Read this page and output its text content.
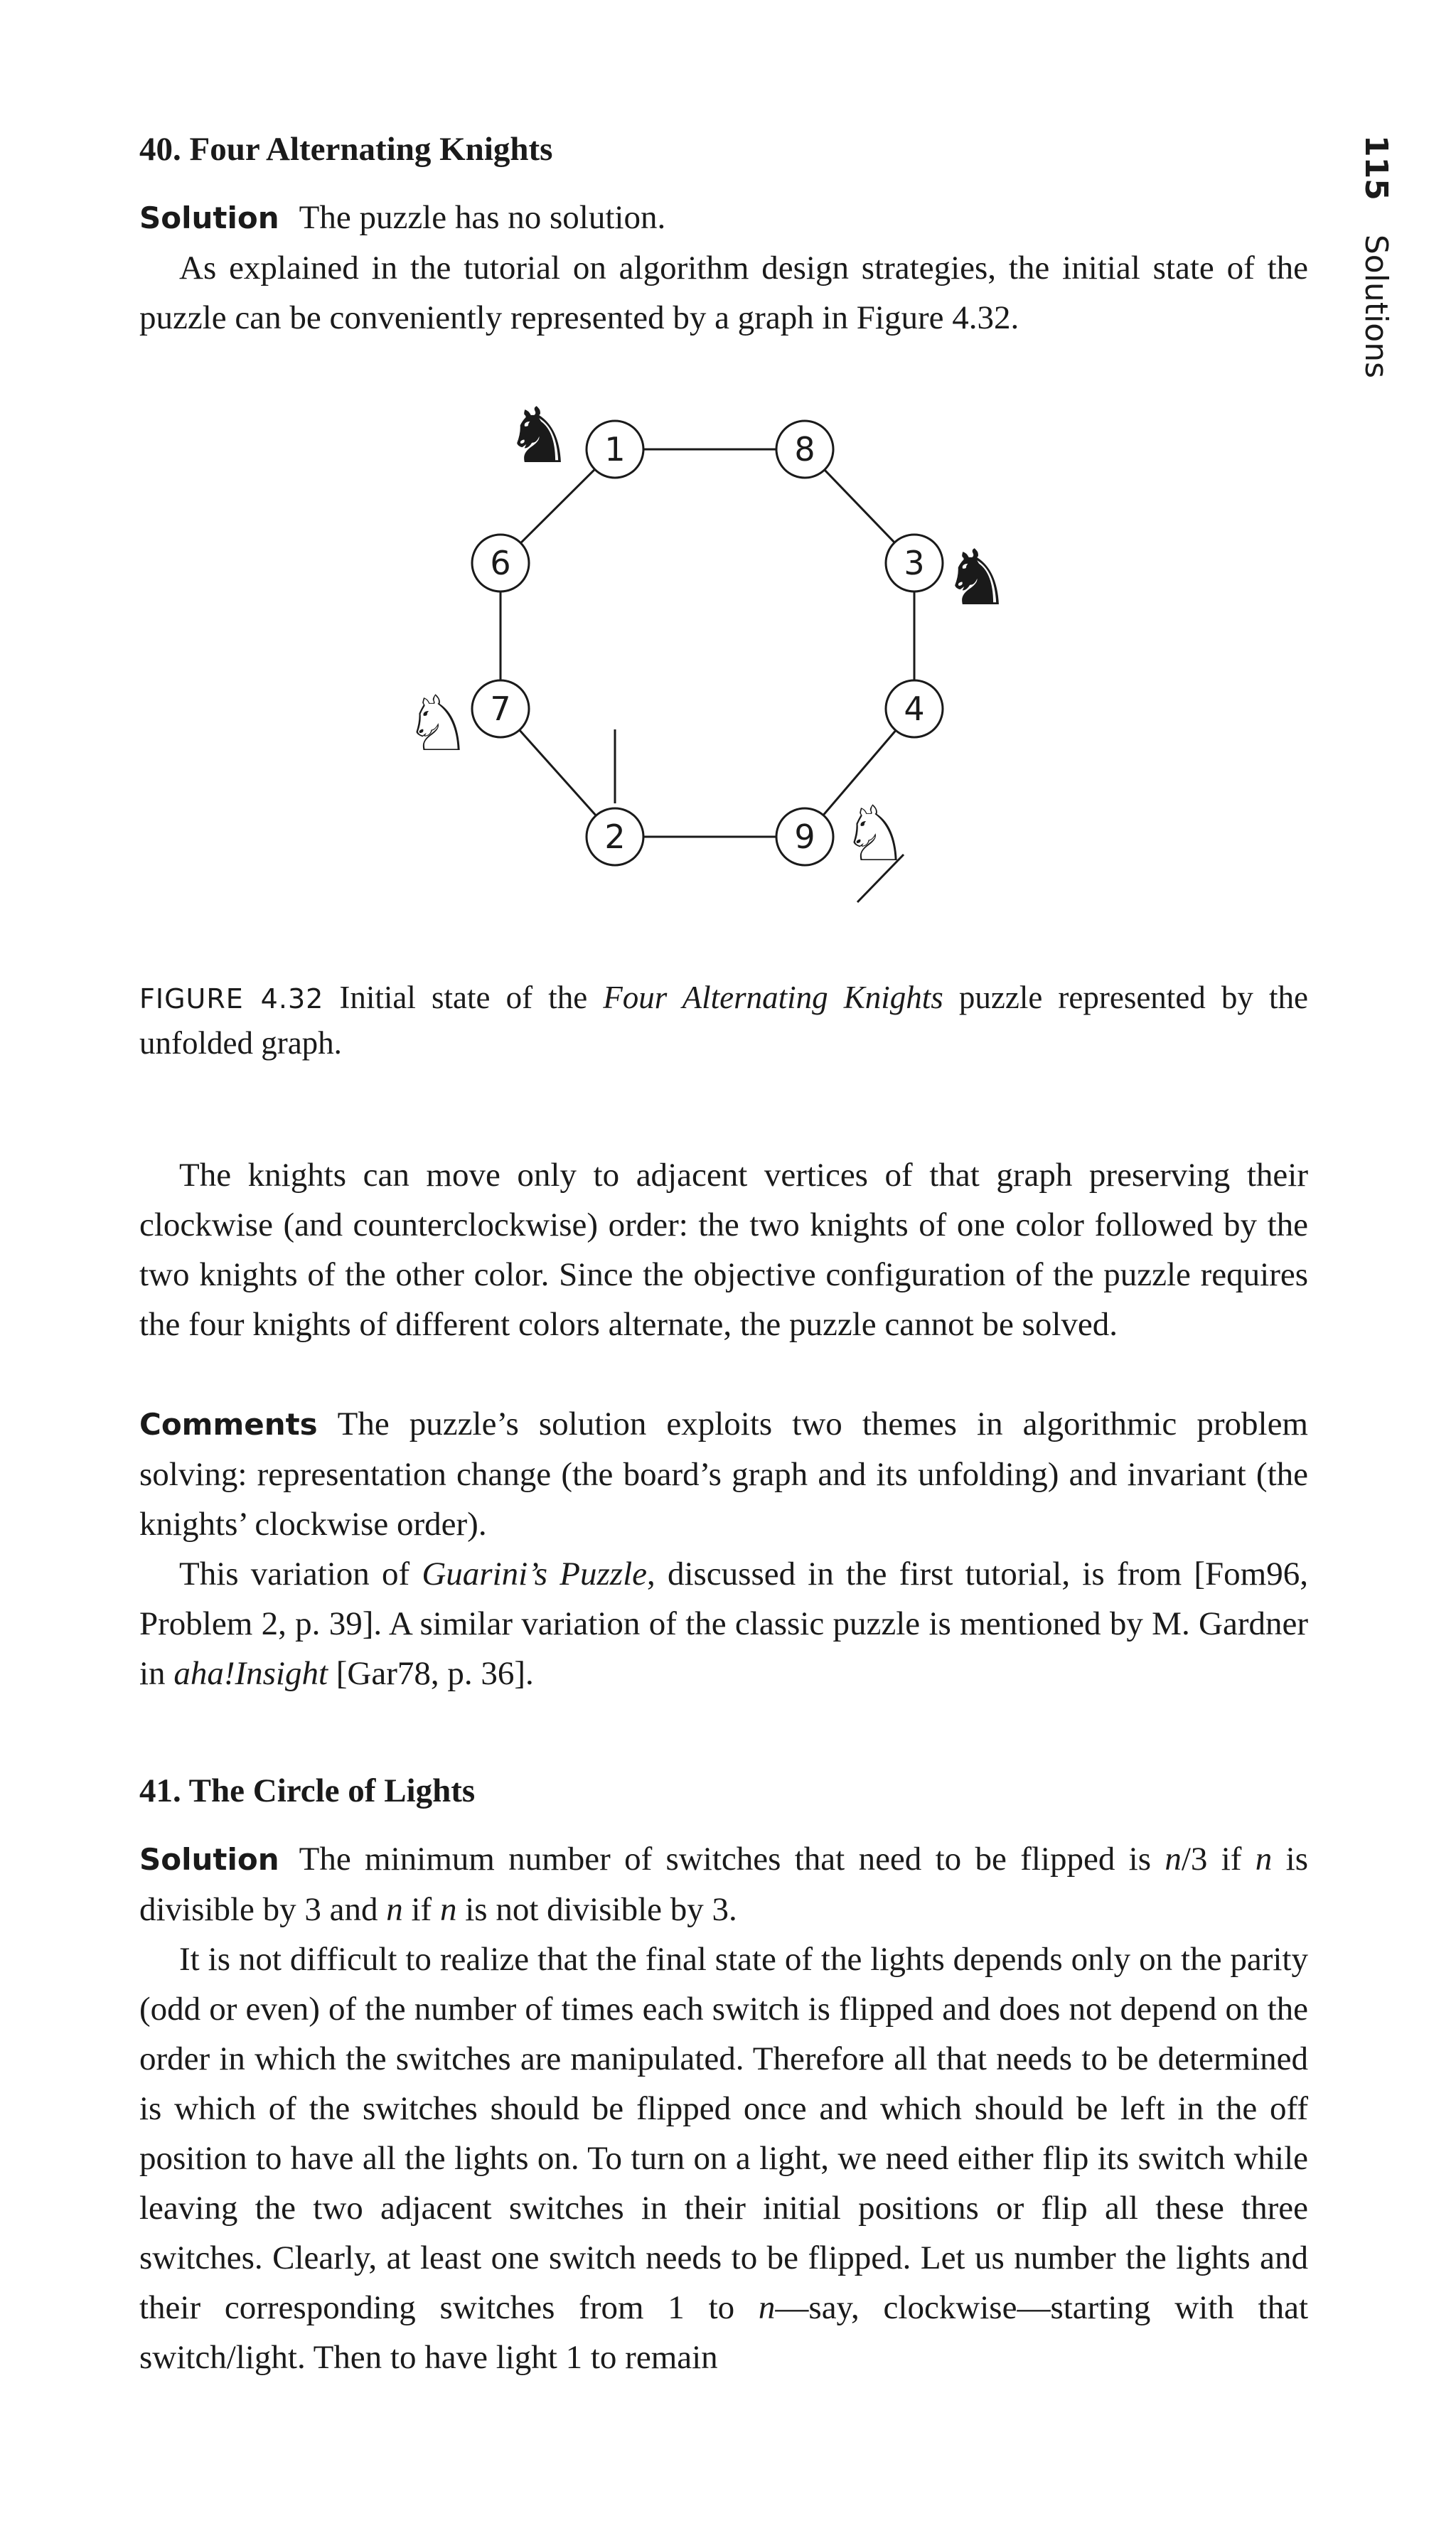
115 Solutions
40. Four Alternating Knights

Solution The puzzle has no solution.

As explained in the tutorial on algorithm design strategies, the initial state of the puzzle can be conveniently represented by a graph in Figure 4.32.

1	8
3
4
9
2
7
6
♞
♞
♘
♘

FIGURE 4.32 Initial state of the Four Alternating Knights puzzle represented by the unfolded graph.

The knights can move only to adjacent vertices of that graph preserving their clockwise (and counterclockwise) order: the two knights of one color followed by the two knights of the other color. Since the objective configuration of the puzzle requires the four knights of different colors alternate, the puzzle cannot be solved.

Comments The puzzle’s solution exploits two themes in algorithmic problem solving: representation change (the board’s graph and its unfolding) and invariant (the knights’ clockwise order).

This variation of Guarini’s Puzzle, discussed in the first tutorial, is from [Fom96, Problem 2, p. 39]. A similar variation of the classic puzzle is mentioned by M. Gardner in aha!Insight [Gar78, p. 36].

41. The Circle of Lights

Solution The minimum number of switches that need to be flipped is n/3 if n is divisible by 3 and n if n is not divisible by 3.

It is not difficult to realize that the final state of the lights depends only on the parity (odd or even) of the number of times each switch is flipped and does not depend on the order in which the switches are manipulated. Therefore all that needs to be determined is which of the switches should be flipped once and which should be left in the off position to have all the lights on. To turn on a light, we need either flip its switch while leaving the two adjacent switches in their initial positions or flip all these three switches. Clearly, at least one switch needs to be flipped. Let us number the lights and their corresponding switches from 1 to n—say, clockwise—starting with that switch/light. Then to have light 1 to remain
